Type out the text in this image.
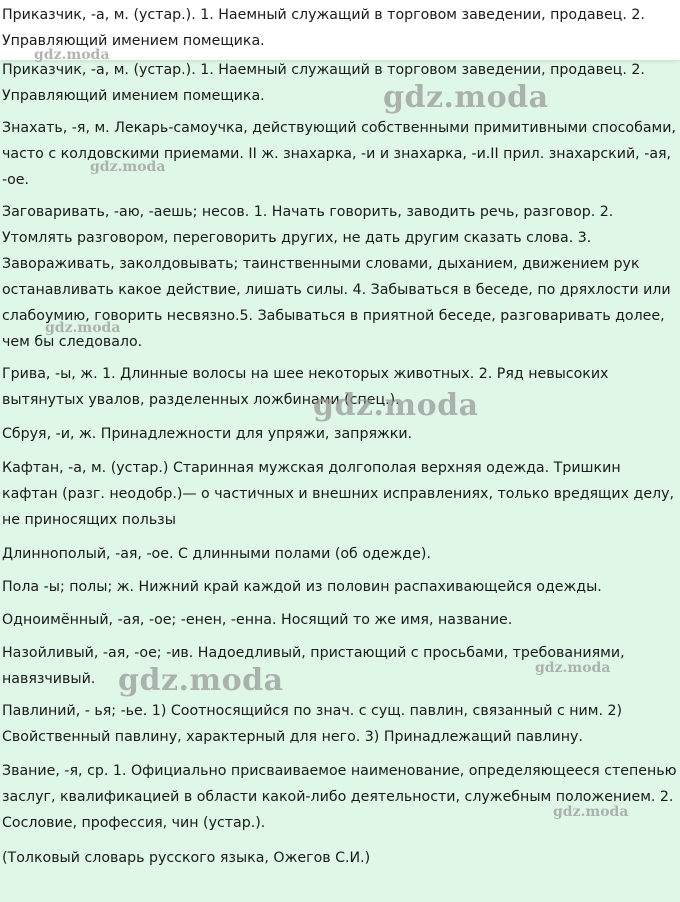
Приказчик, -а, м. (устар.). 1. Наемный служащий в торговом заведении, продавец. 2. Управляющий имением помещика.
Знахать, -я, м. Лекарь-самоучка, действующий собственными примитивными способами, часто с колдовскими приемами. II ж. знахарка, -и и знахарка, -и.II прил. знахарский, -ая, -ое.
Заговаривать, -аю, -аешь; несов. 1. Начать говорить, заводить речь, разговор. 2. Утомлять разговором, переговорить других, не дать другим сказать слова. 3. Завораживать, заколдовывать; таинственными словами, дыханием, движением рук останавливать какое действие, лишать силы. 4. Забываться в беседе, по дряхлости или слабоумию, говорить несвязно.5. Забываться в приятной беседе, разговаривать долее, чем бы следовало.
Грива, -ы, ж. 1. Длинные волосы на шее некоторых животных. 2. Ряд невысоких вытянутых увалов, разделенных ложбинами (спец.).
Сбруя, -и, ж. Принадлежности для упряжи, запряжки.
Кафтан, -а, м. (устар.) Старинная мужская долгополая верхняя одежда. Тришкин кафтан (разг. неодобр.)— о частичных и внешних исправлениях, только вредящих делу, не приносящих пользы
Длиннополый, -ая, -ое. С длинными полами (об одежде).
Пола -ы; полы; ж. Нижний край каждой из половин распахивающейся одежды.
Одноимённый, -ая, -ое; -енен, -енна. Носящий то же имя, название.
Назойливый, -ая, -ое; -ив. Надоедливый, пристающий с просьбами, требованиями, навязчивый.
Павлиний, - ья; -ье. 1) Соотносящийся по знач. с сущ. павлин, связанный с ним. 2) Свойственный павлину, характерный для него. 3) Принадлежащий павлину.
Звание, -я, ср. 1. Официально присваиваемое наименование, определяющееся степенью заслуг, квалификацией в области какой-либо деятельности, служебным положением. 2. Сословие, профессия, чин (устар.).
(Толковый словарь русского языка, Ожегов С.И.)
Приказчик, -а, м. (устар.). 1. Наемный служащий в торговом заведении, продавец. 2. Управляющий имением помещика.
gdz.moda
gdz.moda
gdz.moda
gdz.moda
gdz.moda
gdz.moda
gdz.moda
gdz.moda
